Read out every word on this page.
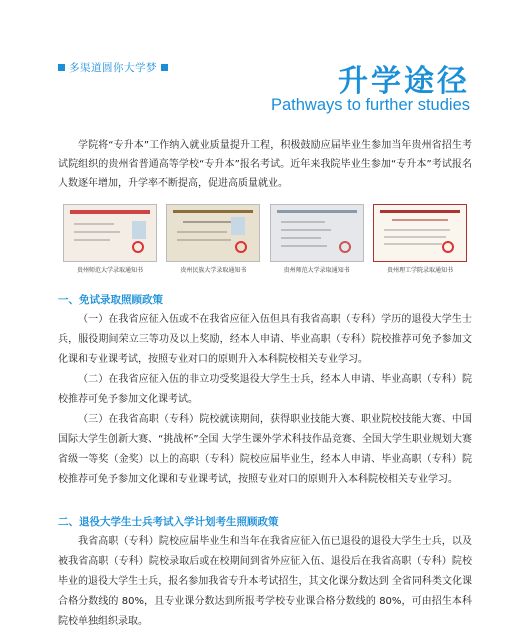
多渠道圆你大学梦	升学途径
Pathways to further studies
学院将“专升本”工作纳入就业质量提升工程，积极鼓励应届毕业生参加当年贵州省招生考试院组织的贵州省普通高等学校“专升本”报名考试。近年来我院毕业生参加“专升本”考试报名人数逐年增加，升学率不断提高，促进高质量就业。
贵州师范大学录取通知书	贵州民族大学录取通知书	贵州师范大学录取通知书	贵州理工学院录取通知书
一、免试录取照顾政策
（一）在我省应征入伍或不在我省应征入伍但具有我省高职（专科）学历的退役大学生士兵，服役期间荣立三等功及以上奖励，经本人申请、毕业高职（专科）院校推荐可免予参加文化课和专业课考试，按照专业对口的原则升入本科院校相关专业学习。
（二）在我省应征入伍的非立功受奖退役大学生士兵，经本人申请、毕业高职（专科）院校推荐可免予参加文化课考试。
（三）在我省高职（专科）院校就读期间，获得职业技能大赛、职业院校技能大赛、中国国际大学生创新大赛、“挑战杯”全国 大学生课外学术科技作品竞赛、全国大学生职业规划大赛省级一等奖（金奖）以上的高职（专科）院校应届毕业生，经本人申请、毕业高职（专科）院校推荐可免予参加文化课和专业课考试，按照专业对口的原则升入本科院校相关专业学习。
二、退役大学生士兵考试入学计划考生照顾政策
我省高职（专科）院校应届毕业生和当年在我省应征入伍已退役的退役大学生士兵，以及被我省高职（专科）院校录取后或在校期间到省外应征入伍、退役后在我省高职（专科）院校毕业的退役大学生士兵，报名参加我省专升本考试招生，其文化课分数达到 全省同科类文化课合格分数线的 80%，且专业课分数达到所报考学校专业课合格分数线的 80%，可由招生本科院校单独组织录取。
